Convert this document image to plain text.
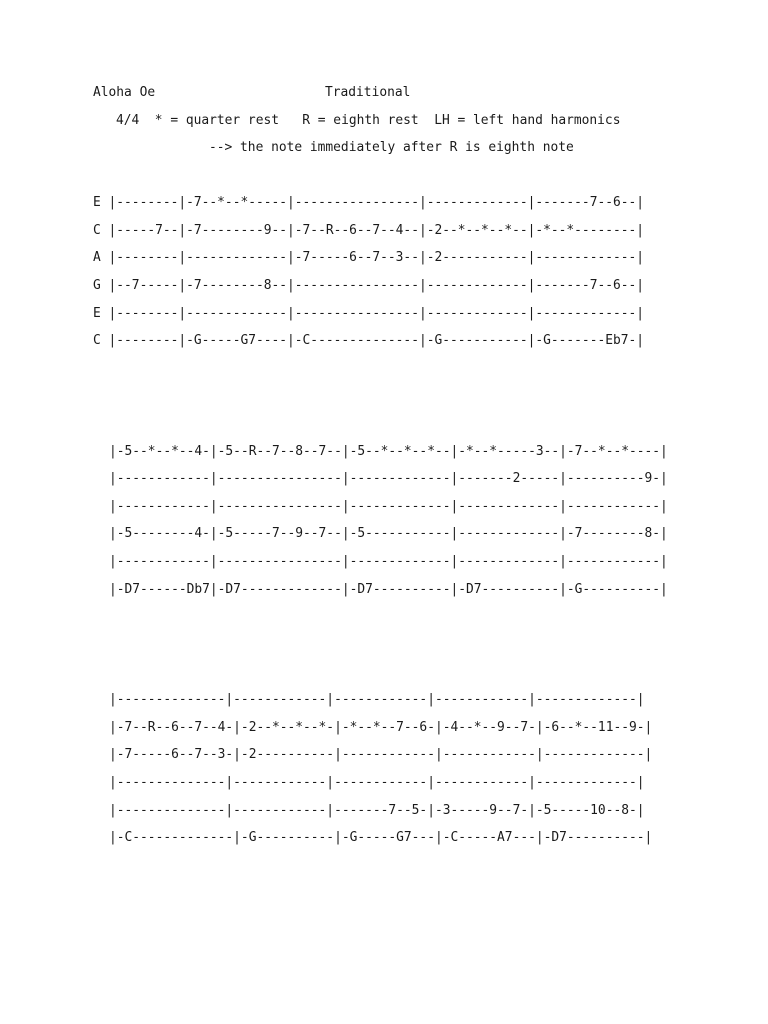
Aloha Oe	Traditional
4/4  * = quarter rest   R = eighth rest  LH = left hand harmonics
--> the note immediately after R is eighth note
E |--------|-7--*--*-----|----------------|-------------|-------7--6--|
C |-----7--|-7--------9--|-7--R--6--7--4--|-2--*--*--*--|-*--*--------|
A |--------|-------------|-7-----6--7--3--|-2-----------|-------------|
G |--7-----|-7--------8--|----------------|-------------|-------7--6--|
E |--------|-------------|----------------|-------------|-------------|
C |--------|-G-----G7----|-C--------------|-G-----------|-G-------Eb7-|
|-5--*--*--4-|-5--R--7--8--7--|-5--*--*--*--|-*--*-----3--|-7--*--*----|
|------------|----------------|-------------|-------2-----|----------9-|
|------------|----------------|-------------|-------------|------------|
|-5--------4-|-5-----7--9--7--|-5-----------|-------------|-7--------8-|
|------------|----------------|-------------|-------------|------------|
|-D7------Db7|-D7-------------|-D7----------|-D7----------|-G----------|
|--------------|------------|------------|------------|-------------|
|-7--R--6--7--4-|-2--*--*--*-|-*--*--7--6-|-4--*--9--7-|-6--*--11--9-|
|-7-----6--7--3-|-2----------|------------|------------|-------------|
|--------------|------------|------------|------------|-------------|
|--------------|------------|-------7--5-|-3-----9--7-|-5-----10--8-|
|-C-------------|-G----------|-G-----G7---|-C-----A7---|-D7----------|
